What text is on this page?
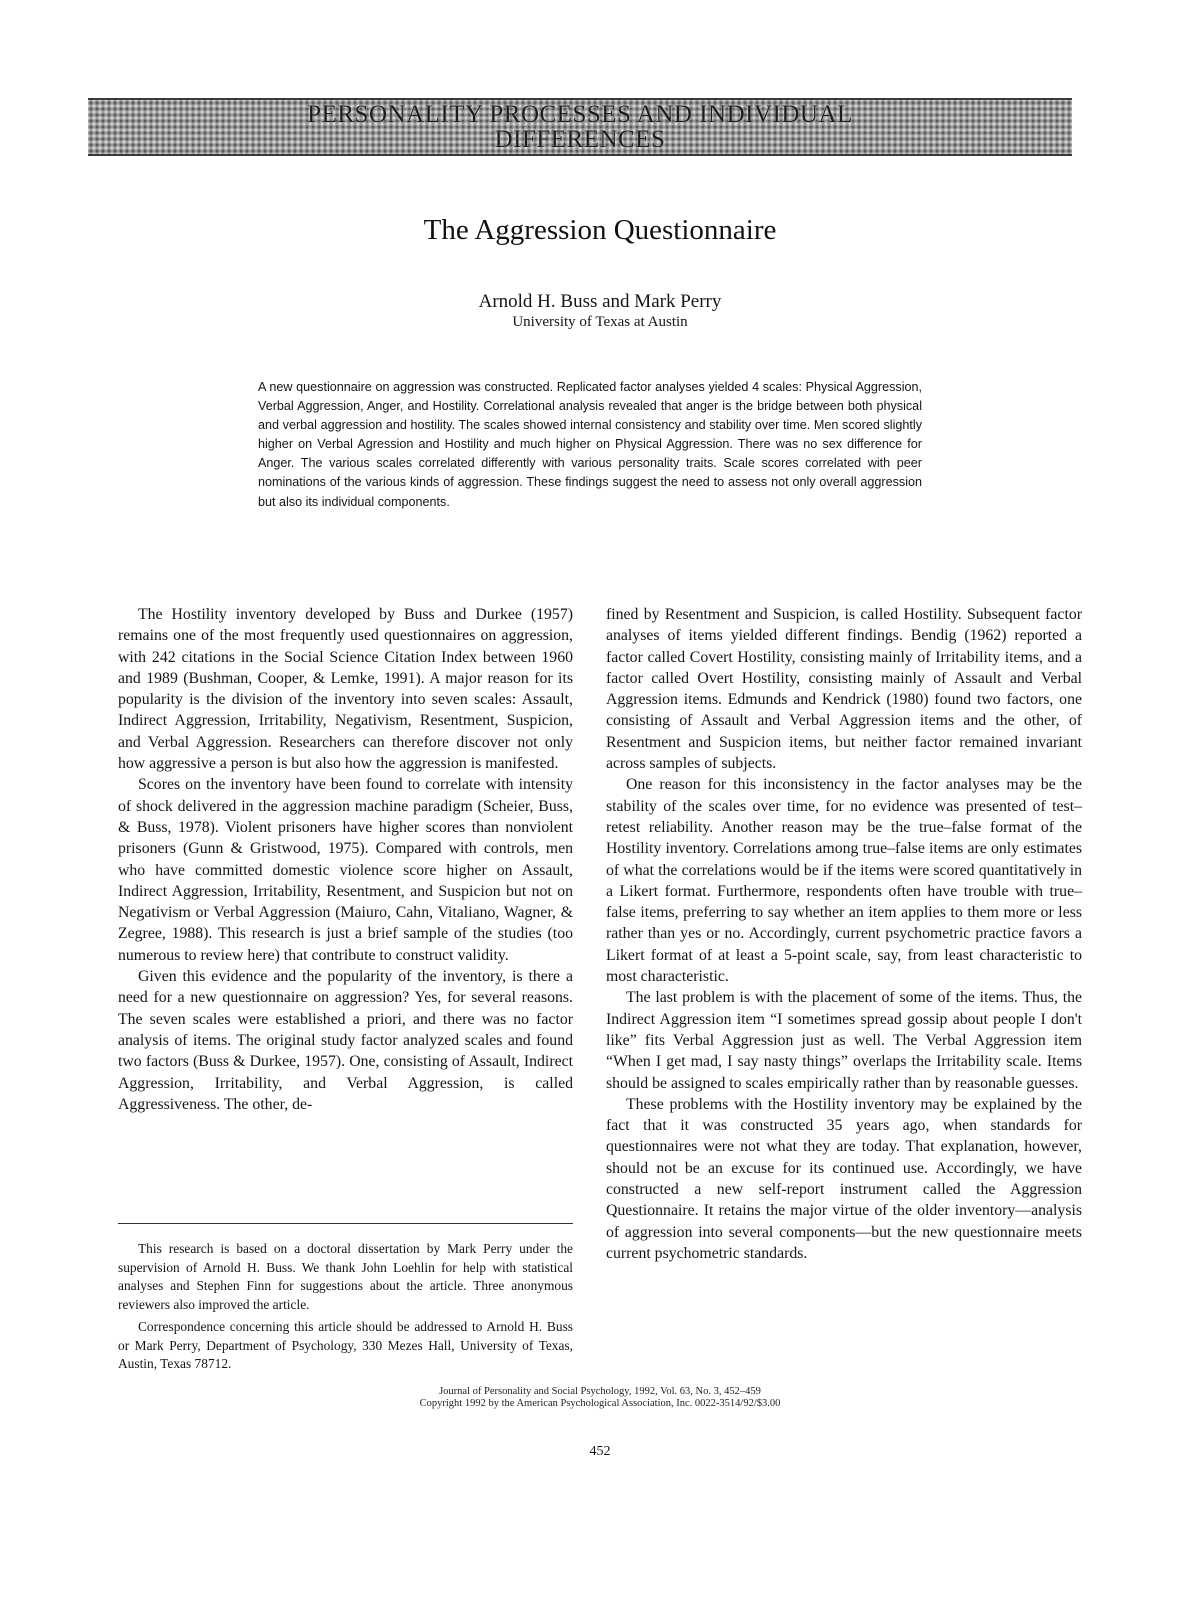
PERSONALITY PROCESSES AND INDIVIDUAL
DIFFERENCES
The Aggression Questionnaire
Arnold H. Buss and Mark Perry
University of Texas at Austin

A new questionnaire on aggression was constructed. Replicated factor analyses yielded 4 scales: Physical Aggression, Verbal Aggression, Anger, and Hostility. Correlational analysis revealed that anger is the bridge between both physical and verbal aggression and hostility. The scales showed internal consistency and stability over time. Men scored slightly higher on Verbal Agression and Hostility and much higher on Physical Aggression. There was no sex difference for Anger. The various scales correlated differently with various personality traits. Scale scores correlated with peer nominations of the various kinds of aggression. These findings suggest the need to assess not only overall aggression but also its individual components.

The Hostility inventory developed by Buss and Durkee (1957) remains one of the most frequently used questionnaires on aggression, with 242 citations in the Social Science Citation Index between 1960 and 1989 (Bushman, Cooper, & Lemke, 1991). A major reason for its popularity is the division of the inventory into seven scales: Assault, Indirect Aggression, Irritability, Negativism, Resentment, Suspicion, and Verbal Aggression. Researchers can therefore discover not only how aggressive a person is but also how the aggression is manifested.

Scores on the inventory have been found to correlate with intensity of shock delivered in the aggression machine paradigm (Scheier, Buss, & Buss, 1978). Violent prisoners have higher scores than nonviolent prisoners (Gunn & Gristwood, 1975). Compared with controls, men who have committed domestic violence score higher on Assault, Indirect Aggression, Irritability, Resentment, and Suspicion but not on Negativism or Verbal Aggression (Maiuro, Cahn, Vitaliano, Wagner, & Zegree, 1988). This research is just a brief sample of the studies (too numerous to review here) that contribute to construct validity.

Given this evidence and the popularity of the inventory, is there a need for a new questionnaire on aggression? Yes, for several reasons. The seven scales were established a priori, and there was no factor analysis of items. The original study factor analyzed scales and found two factors (Buss & Durkee, 1957). One, consisting of Assault, Indirect Aggression, Irritability, and Verbal Aggression, is called Aggressiveness. The other, de-

fined by Resentment and Suspicion, is called Hostility. Subsequent factor analyses of items yielded different findings. Bendig (1962) reported a factor called Covert Hostility, consisting mainly of Irritability items, and a factor called Overt Hostility, consisting mainly of Assault and Verbal Aggression items. Edmunds and Kendrick (1980) found two factors, one consisting of Assault and Verbal Aggression items and the other, of Resentment and Suspicion items, but neither factor remained invariant across samples of subjects.

One reason for this inconsistency in the factor analyses may be the stability of the scales over time, for no evidence was presented of test–retest reliability. Another reason may be the true–false format of the Hostility inventory. Correlations among true–false items are only estimates of what the correlations would be if the items were scored quantitatively in a Likert format. Furthermore, respondents often have trouble with true–false items, preferring to say whether an item applies to them more or less rather than yes or no. Accordingly, current psychometric practice favors a Likert format of at least a 5-point scale, say, from least characteristic to most characteristic.

The last problem is with the placement of some of the items. Thus, the Indirect Aggression item “I sometimes spread gossip about people I don't like” fits Verbal Aggression just as well. The Verbal Aggression item “When I get mad, I say nasty things” overlaps the Irritability scale. Items should be assigned to scales empirically rather than by reasonable guesses.

These problems with the Hostility inventory may be explained by the fact that it was constructed 35 years ago, when standards for questionnaires were not what they are today. That explanation, however, should not be an excuse for its continued use. Accordingly, we have constructed a new self-report instrument called the Aggression Questionnaire. It retains the major virtue of the older inventory—analysis of aggression into several components—but the new questionnaire meets current psychometric standards.

This research is based on a doctoral dissertation by Mark Perry under the supervision of Arnold H. Buss. We thank John Loehlin for help with statistical analyses and Stephen Finn for suggestions about the article. Three anonymous reviewers also improved the article.

Correspondence concerning this article should be addressed to Arnold H. Buss or Mark Perry, Department of Psychology, 330 Mezes Hall, University of Texas, Austin, Texas 78712.

Journal of Personality and Social Psychology, 1992, Vol. 63, No. 3, 452–459
Copyright 1992 by the American Psychological Association, Inc. 0022-3514/92/$3.00
452
